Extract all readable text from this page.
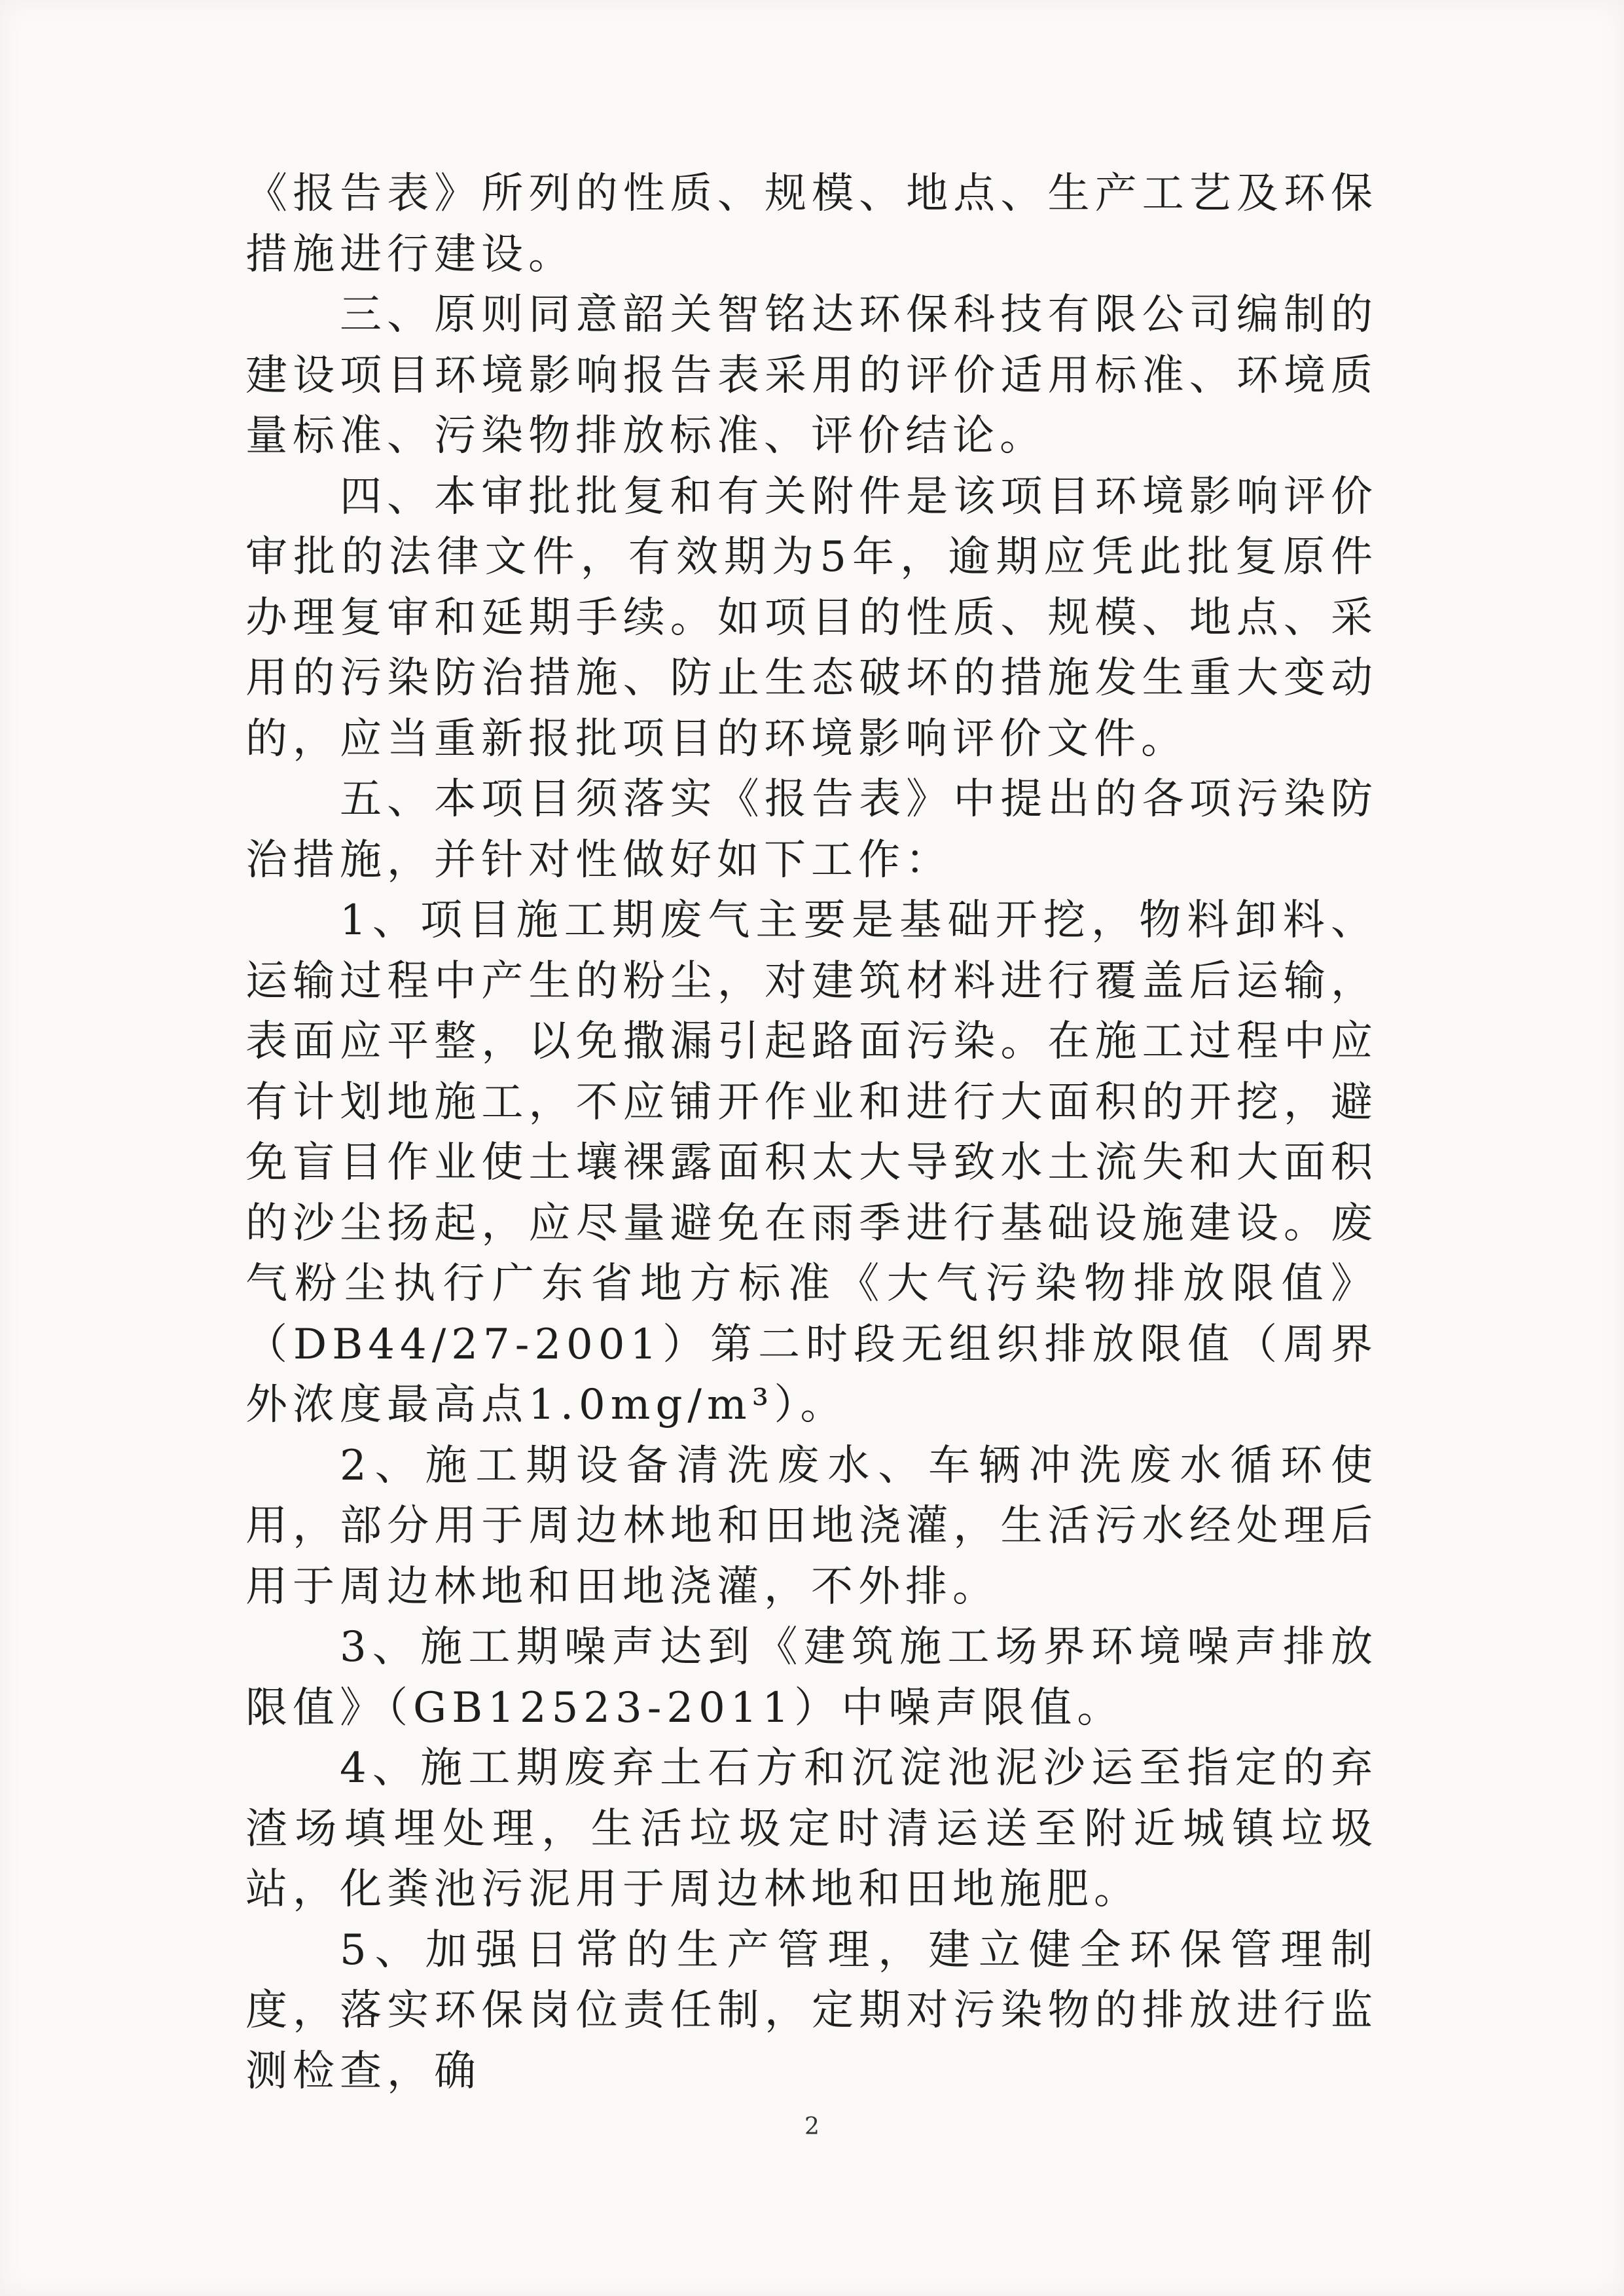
《报告表》所列的性质、规模、地点、生产工艺及环保措施进行建设。

三、原则同意韶关智铭达环保科技有限公司编制的建设项目环境影响报告表采用的评价适用标准、环境质量标准、污染物排放标准、评价结论。

四、本审批批复和有关附件是该项目环境影响评价审批的法律文件，有效期为5年，逾期应凭此批复原件办理复审和延期手续。如项目的性质、规模、地点、采用的污染防治措施、防止生态破坏的措施发生重大变动的，应当重新报批项目的环境影响评价文件。

五、本项目须落实《报告表》中提出的各项污染防治措施，并针对性做好如下工作：

1、项目施工期废气主要是基础开挖，物料卸料、运输过程中产生的粉尘，对建筑材料进行覆盖后运输，表面应平整，以免撒漏引起路面污染。在施工过程中应有计划地施工，不应铺开作业和进行大面积的开挖，避免盲目作业使土壤裸露面积太大导致水土流失和大面积的沙尘扬起，应尽量避免在雨季进行基础设施建设。废气粉尘执行广东省地方标准《大气污染物排放限值》（DB44/27-2001）第二时段无组织排放限值（周界外浓度最高点1.0mg/m³）。

2、施工期设备清洗废水、车辆冲洗废水循环使用，部分用于周边林地和田地浇灌，生活污水经处理后用于周边林地和田地浇灌，不外排。

3、施工期噪声达到《建筑施工场界环境噪声排放限值》（GB12523-2011）中噪声限值。

4、施工期废弃土石方和沉淀池泥沙运至指定的弃渣场填埋处理，生活垃圾定时清运送至附近城镇垃圾站，化粪池污泥用于周边林地和田地施肥。

5、加强日常的生产管理，建立健全环保管理制度，落实环保岗位责任制，定期对污染物的排放进行监测检查，确

2
